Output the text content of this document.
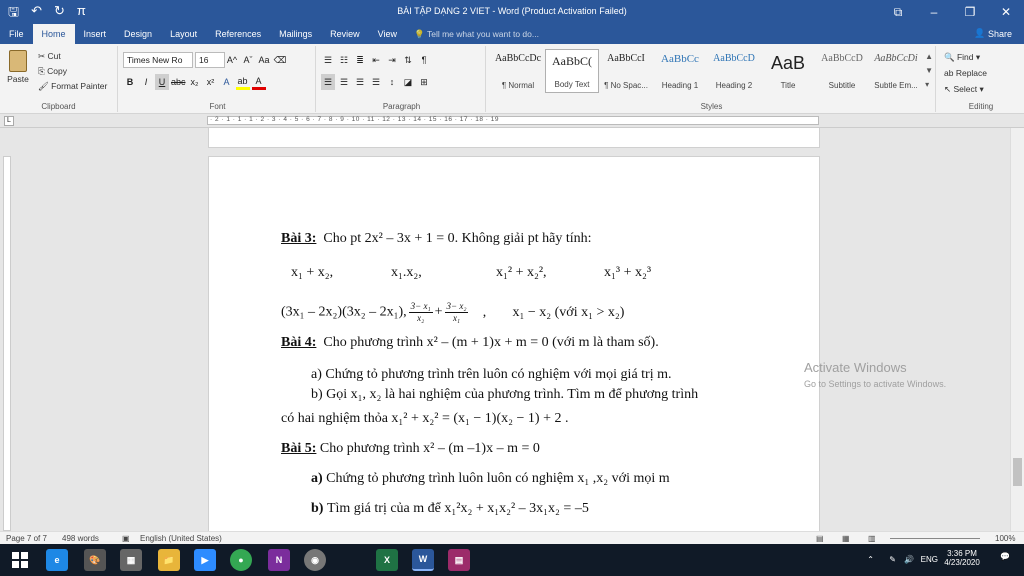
🖫 ↶ ↻ π	BÀI TẬP DẠNG 2 VIET - Word (Product Activation Failed)	⧉	–	❐	✕
File	Home	Insert	Design	Layout	References	Mailings	Review	View	💡 Tell me what you want to do...	👤 Share
Paste
✂ Cut
⎘ Copy
🖌 Format Painter
Clipboard
Times New Ro	16	A^ Aˇ Aa ⌫
B	I	U abc x₂ x²	A ab A
Font
☰ ☷ ≣ ⇤ ⇥ ⇅	¶
☰ ☰ ☰ ☰	↕	◪ ⊞
Paragraph
AaBbCcDc
¶ Normal
AaBbC(
Body Text
AaBbCcI
¶ No Spac...
AaBbCc
Heading 1
AaBbCcD
Heading 2
AaB
Title
AaBbCcD
Subtitle
AaBbCcDi
Subtle Em...
▲
▼
▾
Styles
🔍 Find ▾
ab Replace
↖ Select ▾
Editing
L	· 2 · 1 · 1 · 1 · 2 · 3 · 4 · 5 · 6 · 7 · 8 · 9 · 10 · 11 · 12 · 13 · 14 · 15 · 16 · 17 · 18 · 19
Bài 3: Cho pt 2x² – 3x + 1 = 0. Không giải pt hãy tính:
x₁ + x₂,	x₁.x₂,	x₁² + x₂²,	x₁³ + x₂³
(3x₁ – 2x₂)(3x₂ – 2x₁), $\frac{\text{3− x₁}}{\text{x₂}} + \frac{\text{3− x₂}}{\text{x₁}}$ , x₁ − x₂ (với x₁ > x₂)
Bài 4: Cho phương trình x² – (m + 1)x + m = 0 (với m là tham số).
a) Chứng tỏ phương trình trên luôn có nghiệm với mọi giá trị m.
b) Gọi x₁, x₂ là hai nghiệm của phương trình. Tìm m để phương trình
có hai nghiệm thỏa x₁² + x₂² = (x₁ − 1)(x₂ − 1) + 2 .
Bài 5: Cho phương trình x² – (m –1)x – m = 0
a) Chứng tỏ phương trình luôn luôn có nghiệm x₁ ,x₂ với mọi m
b) Tìm giá trị của m để x₁²x₂ + x₁x₂² – 3x₁x₂ = –5
Activate Windows
Go to Settings to activate Windows.
Page 7 of 7 498 words	▣ English (United States)	▤ ▦ ▥	100%
e	🎨	▦	📁	▶	●	N	◉	X	W	▤	⌃ ✎ 🔊 ENG
3:36 PM
4/23/2020
💬
